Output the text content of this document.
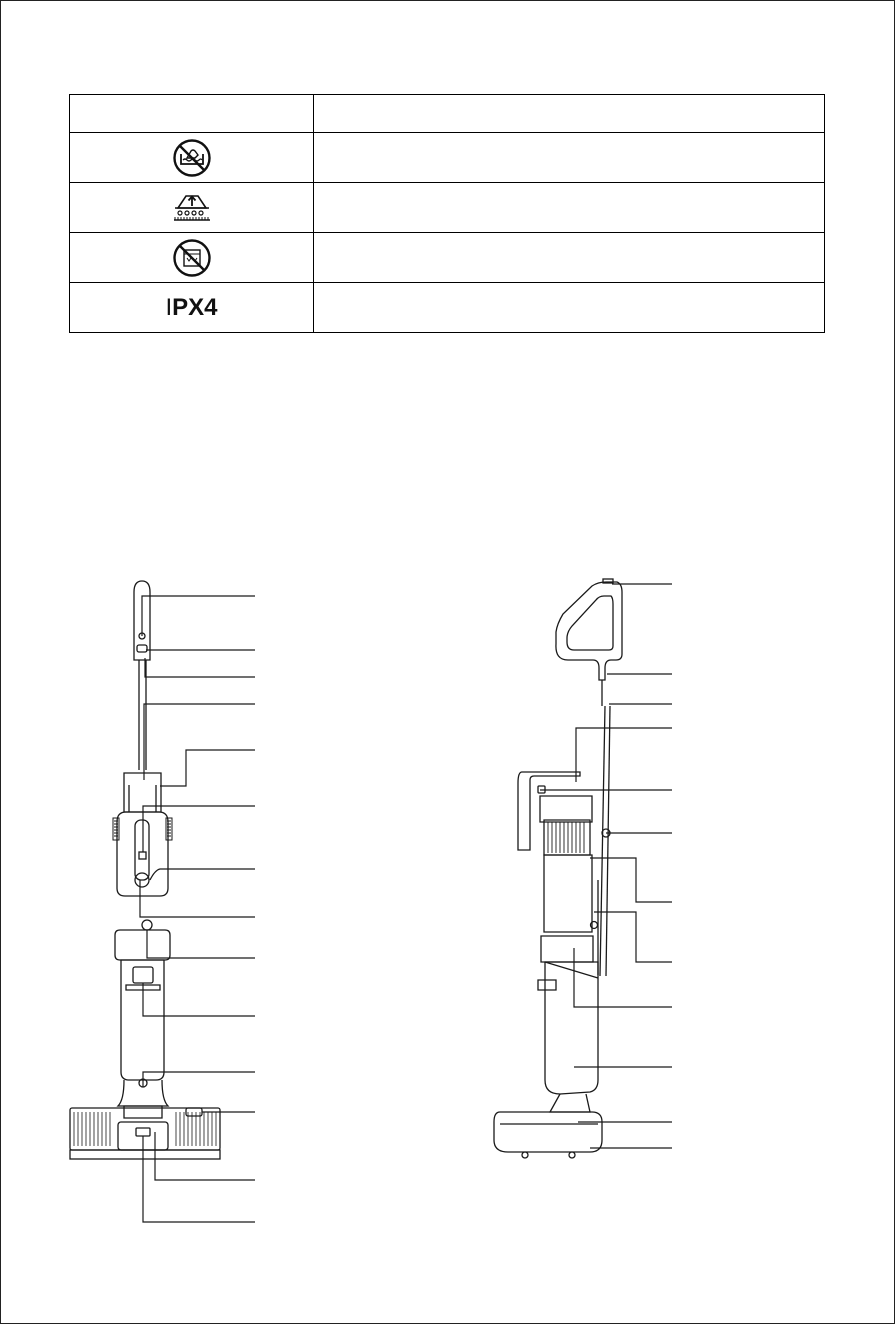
IPX4	
